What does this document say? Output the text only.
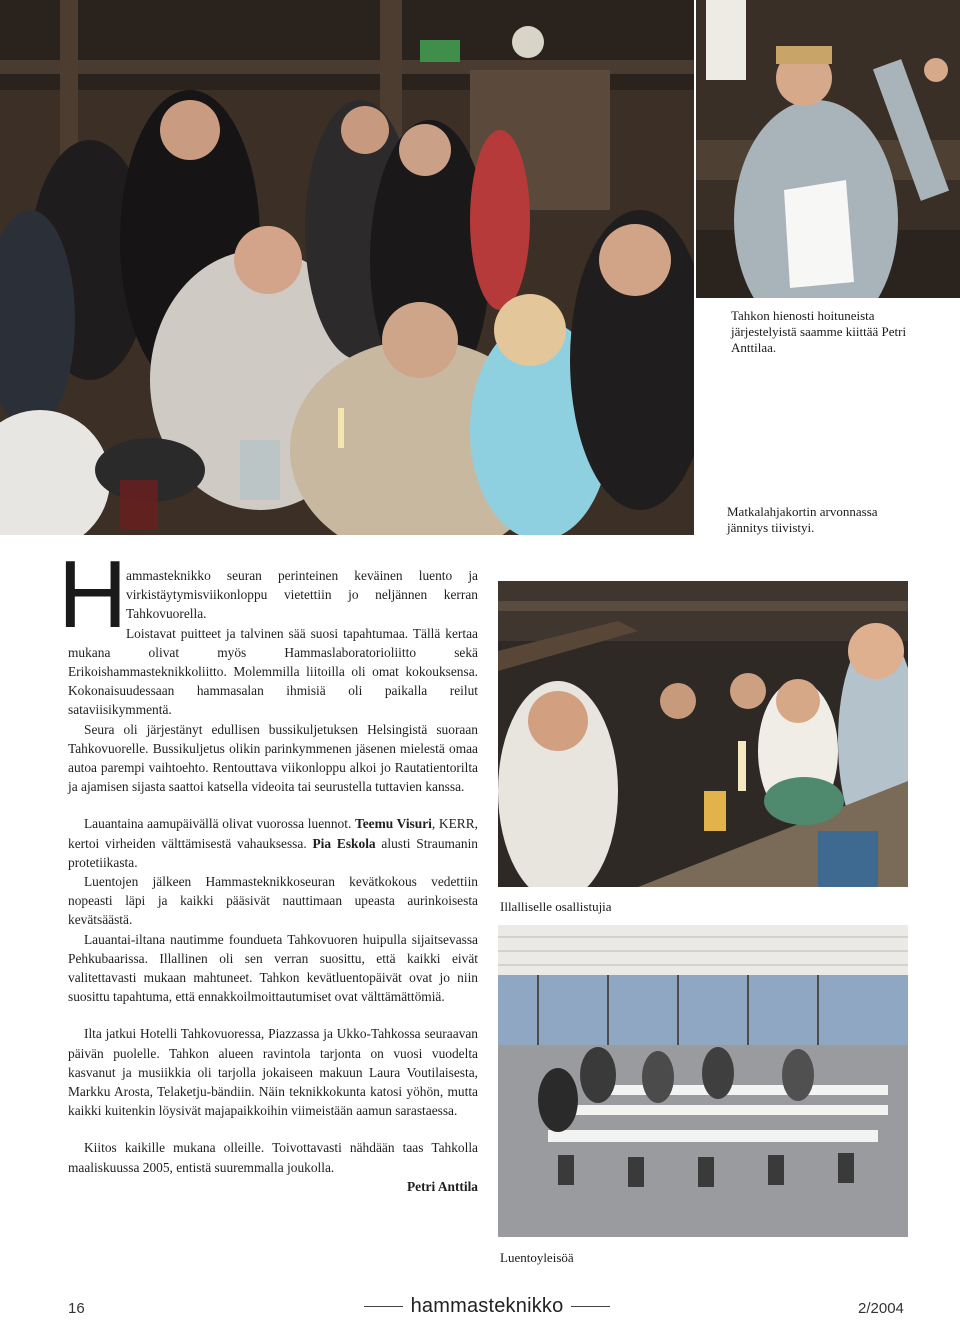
Tahkon hienosti hoituneista järjestelyistä saamme kiittää Petri Anttilaa.
Matkalahjakortin arvonnassa jännitys tiivistyi.
H

ammasteknikko seuran perinteinen keväinen luento ja virkistäytymisviikonloppu vietettiin jo neljännen kerran Tahkovuorella.

Loistavat puitteet ja talvinen sää suosi tapahtumaa. Tällä kertaa mukana olivat myös Hammaslaboratorioliitto sekä Erikoishammasteknikkoliitto. Molemmilla liitoilla oli omat kokouksensa. Kokonaisuudessaan hammasalan ihmisiä oli paikalla reilut sataviisikymmentä.

Seura oli järjestänyt edullisen bussikuljetuksen Helsingistä suoraan Tahkovuorelle. Bussikuljetus olikin parinkymmenen jäsenen mielestä omaa autoa parempi vaihtoehto. Rentouttava viikonloppu alkoi jo Rautatientorilta ja ajamisen sijasta saattoi katsella videoita tai seurustella tuttavien kanssa.

Lauantaina aamupäivällä olivat vuorossa luennot. Teemu Visuri, KERR, kertoi virheiden välttämisestä vahauksessa. Pia Eskola alusti Straumanin protetiikasta.

Luentojen jälkeen Hammasteknikkoseuran kevätkokous vedettiin nopeasti läpi ja kaikki pääsivät nauttimaan upeasta aurinkoisesta kevätsäästä.

Lauantai-iltana nautimme foundueta Tahkovuoren huipulla sijaitsevassa Pehkubaarissa. Illallinen oli sen verran suosittu, että kaikki eivät valitettavasti mukaan mahtuneet. Tahkon kevätluentopäivät ovat jo niin suosittu tapahtuma, että ennakkoilmoittautumiset ovat välttämättömiä.

Ilta jatkui Hotelli Tahkovuoressa, Piazzassa ja Ukko-Tahkossa seuraavan päivän puolelle. Tahkon alueen ravintola tarjonta on vuosi vuodelta kasvanut ja musiikkia oli tarjolla jokaiseen makuun Laura Voutilaisesta, Markku Arosta, Telaketju-bändiin. Näin teknikkokunta katosi yöhön, mutta kaikki kuitenkin löysivät majapaikkoihin viimeistään aamun sarastaessa.

Kiitos kaikille mukana olleille. Toivottavasti nähdään taas Tahkolla maaliskuussa 2005, entistä suuremmalla joukolla.

Petri Anttila

Illalliselle osallistujia
Luentoyleisöä
16	hammasteknikko	2/2004
